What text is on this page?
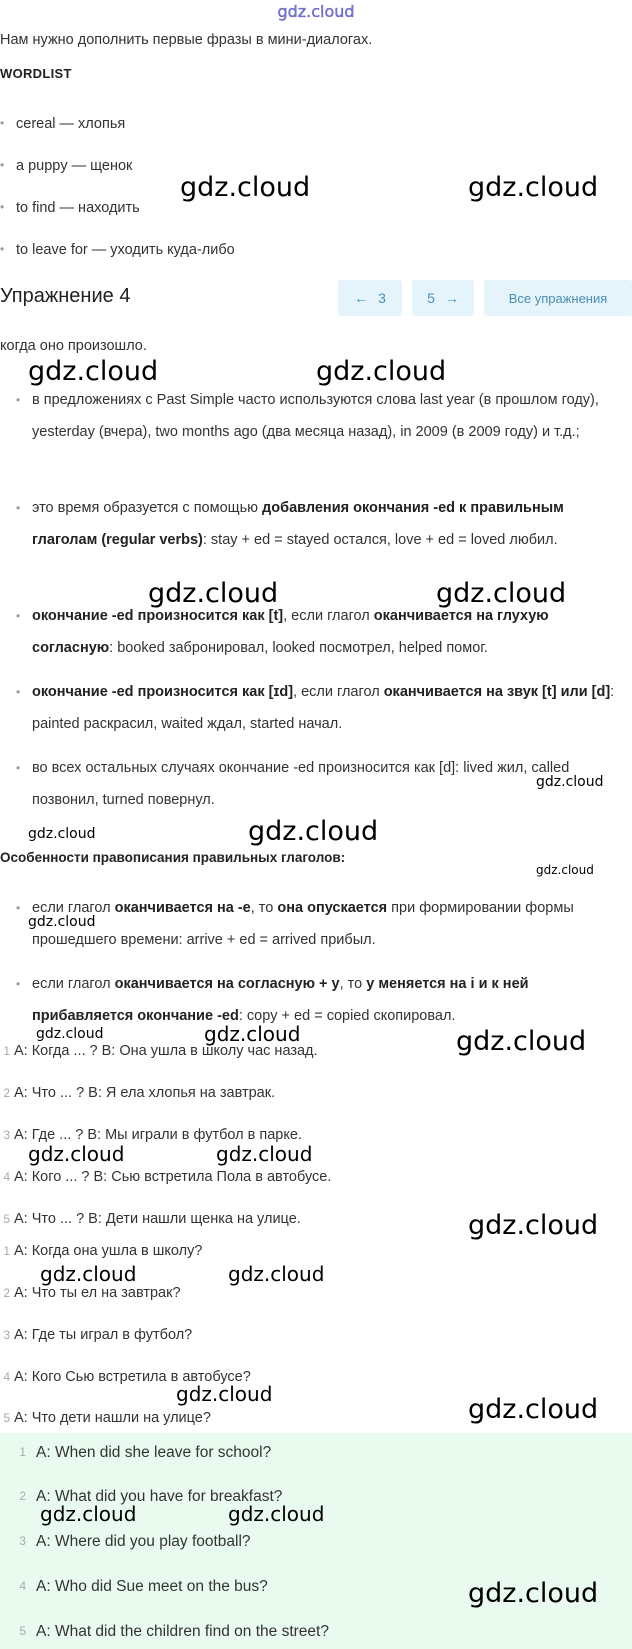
gdz.cloud
Нам нужно дополнить первые фразы в мини-диалогах.
WORDLIST
• cereal — хлопья
• a puppy — щенок
• to find — находить
• to leave for — уходить куда-либо
Упражнение 4	← 3	5 →	Все упражнения
когда оно произошло.
• в предложениях с Past Simple часто используются слова last year (в прошлом году), yesterday (вчера), two months ago (два месяца назад), in 2009 (в 2009 году) и т.д.;
• это время образуется с помощью добавления окончания -ed к правильным глаголам (regular verbs): stay + ed = stayed остался, love + ed = loved любил.
• окончание -ed произносится как [t], если глагол оканчивается на глухую согласную: booked забронировал, looked посмотрел, helped помог.
• окончание -ed произносится как [ɪd], если глагол оканчивается на звук [t] или [d]: painted раскрасил, waited ждал, started начал.
• во всех остальных случаях окончание -ed произносится как [d]: lived жил, called позвонил, turned повернул.
Особенности правописания правильных глаголов:
• если глагол оканчивается на -e, то она опускается при формировании формы прошедшего времени: arrive + ed = arrived прибыл.
• если глагол оканчивается на согласную + y, то y меняется на i и к ней прибавляется окончание -ed: copy + ed = copied скопировал.
1 A: Когда ... ? B: Она ушла в школу час назад.
2 A: Что ... ? B: Я ела хлопья на завтрак.
3 A: Где ... ? B: Мы играли в футбол в парке.
4 A: Кого ... ? B: Сью встретила Пола в автобусе.
5 A: Что ... ? B: Дети нашли щенка на улице.
1 A: Когда она ушла в школу?
2 A: Что ты ел на завтрак?
3 A: Где ты играл в футбол?
4 A: Кого Сью встретила в автобусе?
5 A: Что дети нашли на улице?
1 A: When did she leave for school?
2 A: What did you have for breakfast?
3 A: Where did you play football?
4 A: Who did Sue meet on the bus?
5 A: What did the children find on the street?
gdz.cloud	gdz.cloud
gdz.cloud	gdz.cloud
gdz.cloud	gdz.cloud
gdz.cloud
gdz.cloud	gdz.cloud
gdz.cloud
gdz.cloud
gdz.cloud	gdz.cloud	gdz.cloud
gdz.cloud	gdz.cloud
gdz.cloud
gdz.cloud	gdz.cloud
gdz.cloud	gdz.cloud
gdz.cloud	gdz.cloud
gdz.cloud
